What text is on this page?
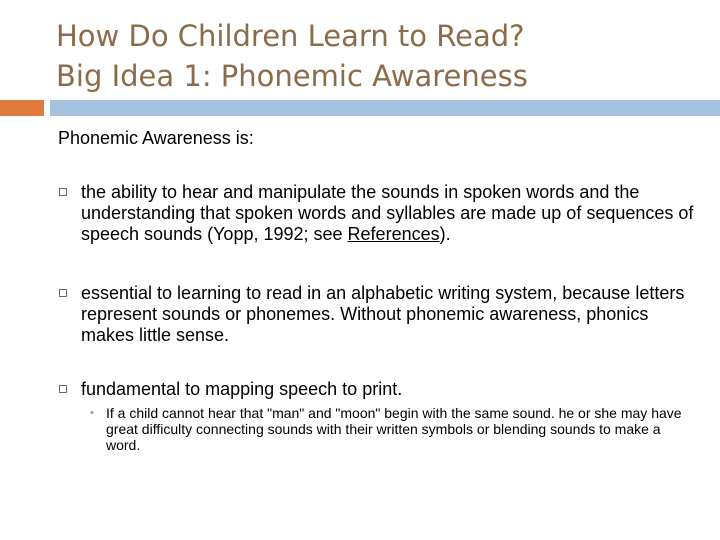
How Do Children Learn to Read?
Big Idea 1: Phonemic Awareness

Phonemic Awareness is:

the ability to hear and manipulate the sounds in spoken words and the understanding that spoken words and syllables are made up of sequences of speech sounds (Yopp, 1992; see References).
essential to learning to read in an alphabetic writing system, because letters represent sounds or phonemes. Without phonemic awareness, phonics makes little sense.
fundamental to mapping speech to print.
• If a child cannot hear that "man" and "moon" begin with the same sound. he or she may have great difficulty connecting sounds with their written symbols or blending sounds to make a word.
